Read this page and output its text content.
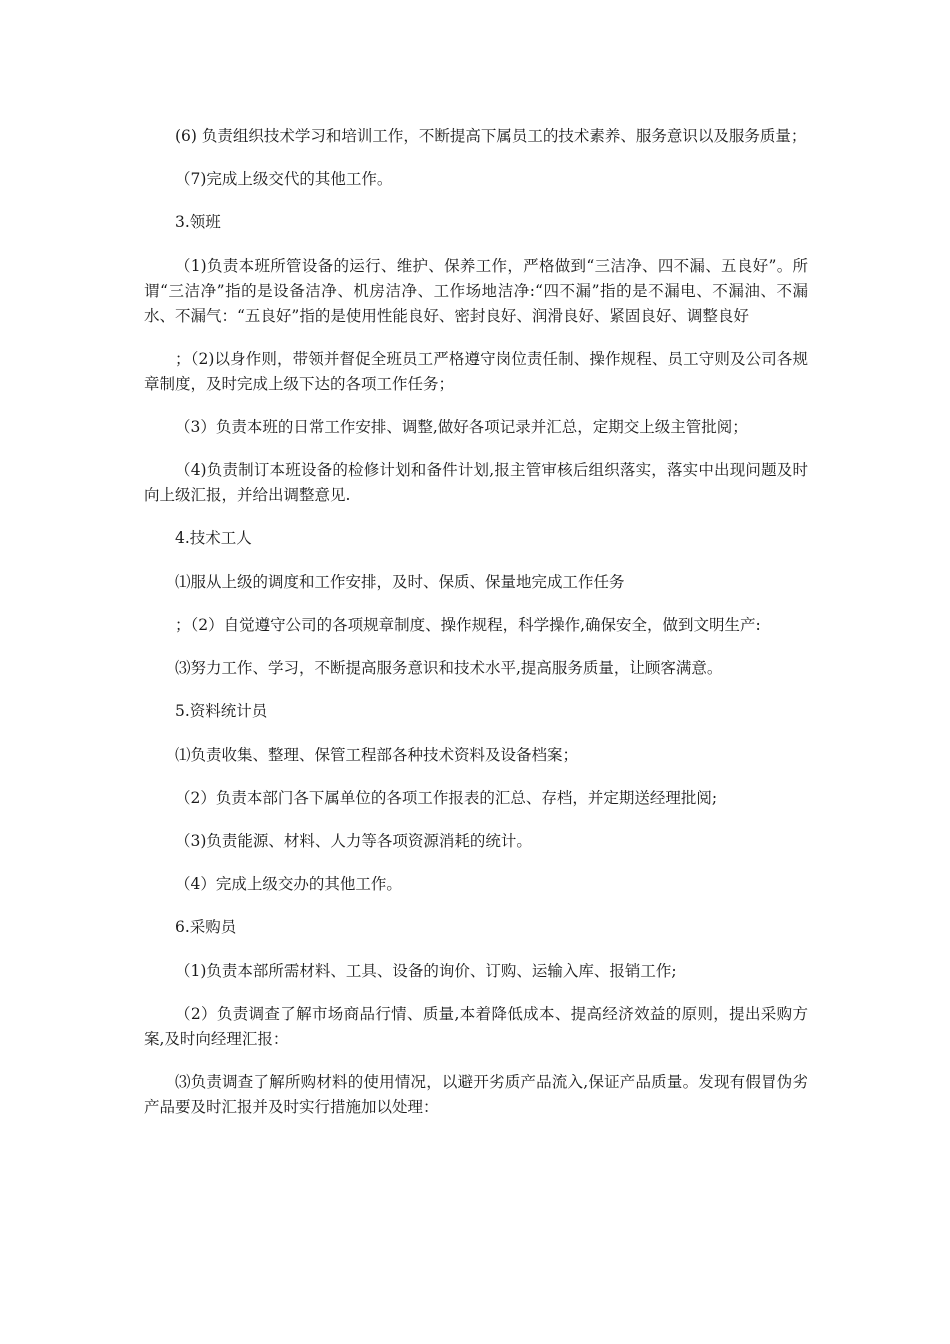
(6) 负责组织技术学习和培训工作，不断提高下属员工的技术素养、服务意识以及服务质量；

（7)完成上级交代的其他工作。

3.领班

（1)负责本班所管设备的运行、维护、保养工作，严格做到“三洁净、四不漏、五良好”。所谓“三洁净”指的是设备洁净、机房洁净、工作场地洁净:“四不漏”指的是不漏电、不漏油、不漏水、不漏气：“五良好”指的是使用性能良好、密封良好、润滑良好、紧固良好、调整良好

；（2)以身作则，带领并督促全班员工严格遵守岗位责任制、操作规程、员工守则及公司各规章制度，及时完成上级下达的各项工作任务；

（3）负责本班的日常工作安排、调整,做好各项记录并汇总，定期交上级主管批阅；

（4)负责制订本班设备的检修计划和备件计划,报主管审核后组织落实，落实中出现问题及时向上级汇报，并给出调整意见.

4.技术工人

⑴服从上级的调度和工作安排，及时、保质、保量地完成工作任务

；（2）自觉遵守公司的各项规章制度、操作规程，科学操作,确保安全，做到文明生产:

⑶努力工作、学习，不断提高服务意识和技术水平,提高服务质量，让顾客满意。

5.资料统计员

⑴负责收集、整理、保管工程部各种技术资料及设备档案；

（2）负责本部门各下属单位的各项工作报表的汇总、存档，并定期送经理批阅;

（3)负责能源、材料、人力等各项资源消耗的统计。

（4）完成上级交办的其他工作。

6.采购员

（1)负责本部所需材料、工具、设备的询价、订购、运输入库、报销工作;

（2）负责调查了解市场商品行情、质量,本着降低成本、提高经济效益的原则，提出采购方案,及时向经理汇报：

⑶负责调查了解所购材料的使用情况，以避开劣质产品流入,保证产品质量。发现有假冒伪劣产品要及时汇报并及时实行措施加以处理：
